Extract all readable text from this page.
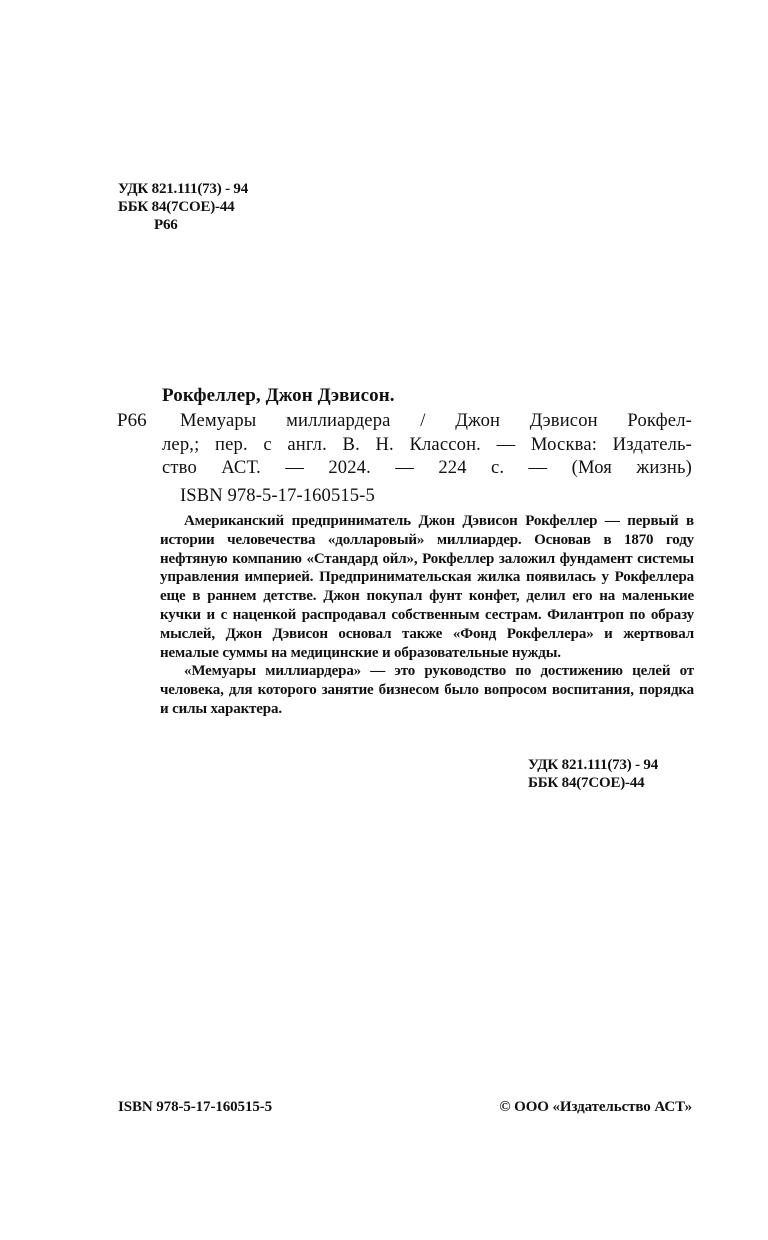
УДК 821.111(73) - 94
ББК 84(7СОЕ)-44
Р66
Рокфеллер, Джон Дэвисон.
Р66 Мемуары миллиардера / Джон Дэвисон Рокфел-
лер,; пер. с англ. В. Н. Классон. — Москва: Издатель-
ство АСТ. — 2024. — 224 с. — (Моя жизнь)
ISBN 978-5-17-160515-5

Американский предприниматель Джон Дэвисон Рокфеллер — первый в истории человечества «долларовый» миллиардер. Основав в 1870 году нефтяную компанию «Стандард ойл», Рокфеллер заложил фундамент системы управления империей. Предпринимательская жилка появилась у Рокфеллера еще в раннем детстве. Джон покупал фунт конфет, делил его на маленькие кучки и с наценкой распродавал собственным сестрам. Филантроп по образу мыслей, Джон Дэвисон основал также «Фонд Рокфеллера» и жертвовал немалые суммы на медицинские и образовательные нужды.

«Мемуары миллиардера» — это руководство по достижению целей от человека, для которого занятие бизнесом было вопросом воспитания, порядка и силы характера.

УДК 821.111(73) - 94
ББК 84(7СОЕ)-44
ISBN 978-5-17-160515-5	© ООО «Издательство АСТ»
